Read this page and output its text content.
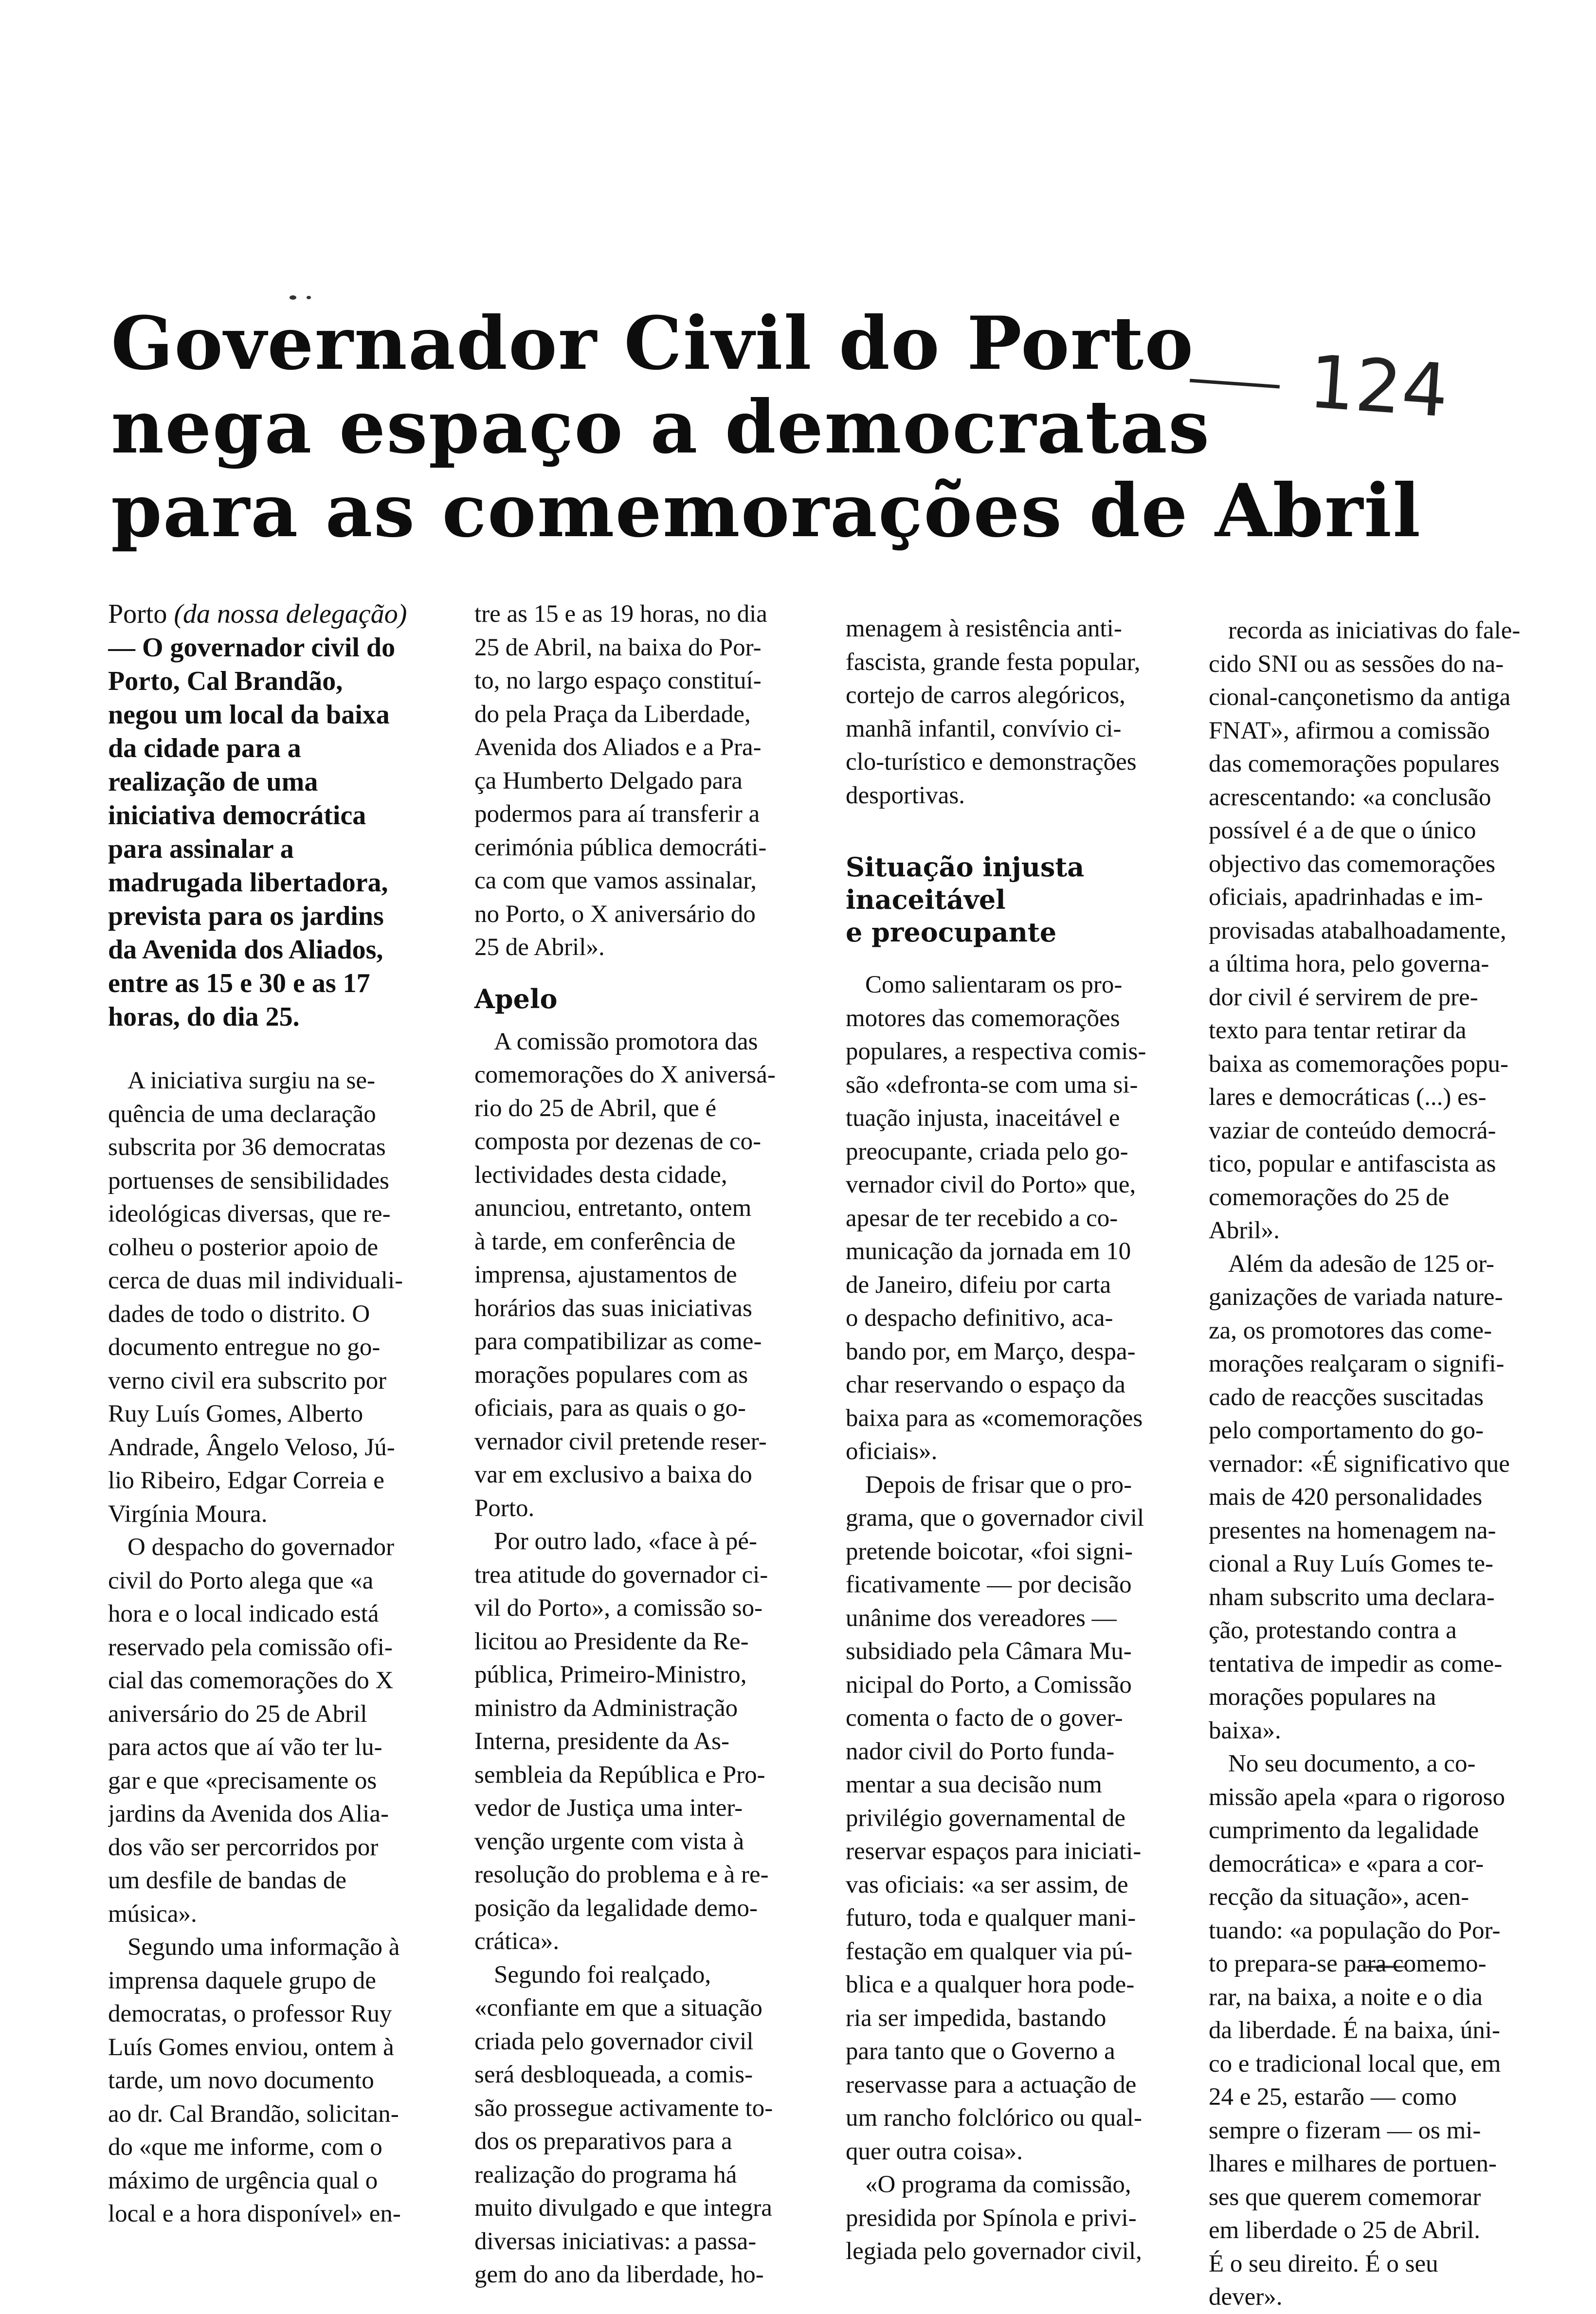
Governador Civil do Porto
nega espaço a democratas
para as comemorações de Abril
124

Porto (da nossa delegação)
— O governador civil do
Porto, Cal Brandão,
negou um local da baixa
da cidade para a
realização de uma
iniciativa democrática
para assinalar a
madrugada libertadora,
prevista para os jardins
da Avenida dos Aliados,
entre as 15 e 30 e as 17
horas, do dia 25.

A iniciativa surgiu na se-
quência de uma declaração
subscrita por 36 democratas
portuenses de sensibilidades
ideológicas diversas, que re-
colheu o posterior apoio de
cerca de duas mil individuali-
dades de todo o distrito. O
documento entregue no go-
verno civil era subscrito por
Ruy Luís Gomes, Alberto
Andrade, Ângelo Veloso, Jú-
lio Ribeiro, Edgar Correia e
Virgínia Moura.

O despacho do governador
civil do Porto alega que «a
hora e o local indicado está
reservado pela comissão ofi-
cial das comemorações do X
aniversário do 25 de Abril
para actos que aí vão ter lu-
gar e que «precisamente os
jardins da Avenida dos Alia-
dos vão ser percorridos por
um desfile de bandas de
música».

Segundo uma informação à
imprensa daquele grupo de
democratas, o professor Ruy
Luís Gomes enviou, ontem à
tarde, um novo documento
ao dr. Cal Brandão, solicitan-
do «que me informe, com o
máximo de urgência qual o
local e a hora disponível» en-

tre as 15 e as 19 horas, no dia
25 de Abril, na baixa do Por-
to, no largo espaço constituí-
do pela Praça da Liberdade,
Avenida dos Aliados e a Pra-
ça Humberto Delgado para
podermos para aí transferir a
cerimónia pública democráti-
ca com que vamos assinalar,
no Porto, o X aniversário do
25 de Abril».

Apelo

A comissão promotora das
comemorações do X aniversá-
rio do 25 de Abril, que é
composta por dezenas de co-
lectividades desta cidade,
anunciou, entretanto, ontem
à tarde, em conferência de
imprensa, ajustamentos de
horários das suas iniciativas
para compatibilizar as come-
morações populares com as
oficiais, para as quais o go-
vernador civil pretende reser-
var em exclusivo a baixa do
Porto.

Por outro lado, «face à pé-
trea atitude do governador ci-
vil do Porto», a comissão so-
licitou ao Presidente da Re-
pública, Primeiro-Ministro,
ministro da Administração
Interna, presidente da As-
sembleia da República e Pro-
vedor de Justiça uma inter-
venção urgente com vista à
resolução do problema e à re-
posição da legalidade demo-
crática».

Segundo foi realçado,
«confiante em que a situação
criada pelo governador civil
será desbloqueada, a comis-
são prossegue activamente to-
dos os preparativos para a
realização do programa há
muito divulgado e que integra
diversas iniciativas: a passa-
gem do ano da liberdade, ho-

menagem à resistência anti-
fascista, grande festa popular,
cortejo de carros alegóricos,
manhã infantil, convívio ci-
clo-turístico e demonstrações
desportivas.

Situação injusta
inaceitável
e preocupante

Como salientaram os pro-
motores das comemorações
populares, a respectiva comis-
são «defronta-se com uma si-
tuação injusta, inaceitável e
preocupante, criada pelo go-
vernador civil do Porto» que,
apesar de ter recebido a co-
municação da jornada em 10
de Janeiro, difeiu por carta
o despacho definitivo, aca-
bando por, em Março, despa-
char reservando o espaço da
baixa para as «comemorações
oficiais».

Depois de frisar que o pro-
grama, que o governador civil
pretende boicotar, «foi signi-
ficativamente — por decisão
unânime dos vereadores —
subsidiado pela Câmara Mu-
nicipal do Porto, a Comissão
comenta o facto de o gover-
nador civil do Porto funda-
mentar a sua decisão num
privilégio governamental de
reservar espaços para iniciati-
vas oficiais: «a ser assim, de
futuro, toda e qualquer mani-
festação em qualquer via pú-
blica e a qualquer hora pode-
ria ser impedida, bastando
para tanto que o Governo a
reservasse para a actuação de
um rancho folclórico ou qual-
quer outra coisa».

«O programa da comissão,
presidida por Spínola e privi-
legiada pelo governador civil,

recorda as iniciativas do fale-
cido SNI ou as sessões do na-
cional-cançonetismo da antiga
FNAT», afirmou a comissão
das comemorações populares
acrescentando: «a conclusão
possível é a de que o único
objectivo das comemorações
oficiais, apadrinhadas e im-
provisadas atabalhoadamente,
a última hora, pelo governa-
dor civil é servirem de pre-
texto para tentar retirar da
baixa as comemorações popu-
lares e democráticas (...) es-
vaziar de conteúdo democrá-
tico, popular e antifascista as
comemorações do 25 de
Abril».

Além da adesão de 125 or-
ganizações de variada nature-
za, os promotores das come-
morações realçaram o signifi-
cado de reacções suscitadas
pelo comportamento do go-
vernador: «É significativo que
mais de 420 personalidades
presentes na homenagem na-
cional a Ruy Luís Gomes te-
nham subscrito uma declara-
ção, protestando contra a
tentativa de impedir as come-
morações populares na
baixa».

No seu documento, a co-
missão apela «para o rigoroso
cumprimento da legalidade
democrática» e «para a cor-
recção da situação», acen-
tuando: «a população do Por-
to prepara-se para comemo-
rar, na baixa, a noite e o dia
da liberdade. É na baixa, úni-
co e tradicional local que, em
24 e 25, estarão — como
sempre o fizeram — os mi-
lhares e milhares de portuen-
ses que querem comemorar
em liberdade o 25 de Abril.
É o seu direito. É o seu
dever».
